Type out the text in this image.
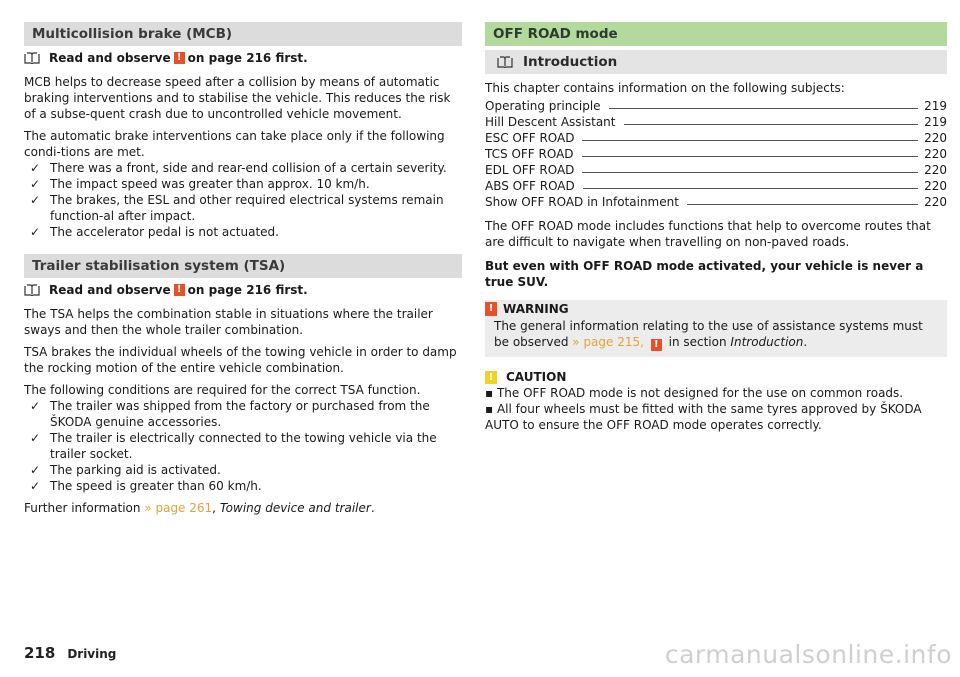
Multicollision brake (MCB)
Read and observe ! on page 216 first.

MCB helps to decrease speed after a collision by means of automatic braking interventions and to stabilise the vehicle. This reduces the risk of a subse-quent crash due to uncontrolled vehicle movement.

The automatic brake interventions can take place only if the following condi-tions are met.

✓ There was a front, side and rear-end collision of a certain severity.
✓ The impact speed was greater than approx. 10 km/h.
✓ The brakes, the ESL and other required electrical systems remain function-al after impact.
✓ The accelerator pedal is not actuated.
Trailer stabilisation system (TSA)
Read and observe ! on page 216 first.

The TSA helps the combination stable in situations where the trailer sways and then the whole trailer combination.

TSA brakes the individual wheels of the towing vehicle in order to damp the rocking motion of the entire vehicle combination.

The following conditions are required for the correct TSA function.

✓ The trailer was shipped from the factory or purchased from the ŠKODA genuine accessories.
✓ The trailer is electrically connected to the towing vehicle via the trailer socket.
✓ The parking aid is activated.
✓ The speed is greater than 60 km/h.

Further information » page 261, Towing device and trailer.

OFF ROAD mode
Introduction

This chapter contains information on the following subjects:

Operating principle	219
Hill Descent Assistant	219
ESC OFF ROAD	220
TCS OFF ROAD	220
EDL OFF ROAD	220
ABS OFF ROAD	220
Show OFF ROAD in Infotainment	220

The OFF ROAD mode includes functions that help to overcome routes that are difficult to navigate when travelling on non-paved roads.

But even with OFF ROAD mode activated, your vehicle is never a true SUV.

! WARNING

The general information relating to the use of assistance systems must be observed » page 215, ! in section Introduction.

!	CAUTION

▪ The OFF ROAD mode is not designed for the use on common roads.

▪ All four wheels must be fitted with the same tyres approved by ŠKODA AUTO to ensure the OFF ROAD mode operates correctly.

218 Driving	carmanualsonline.info
